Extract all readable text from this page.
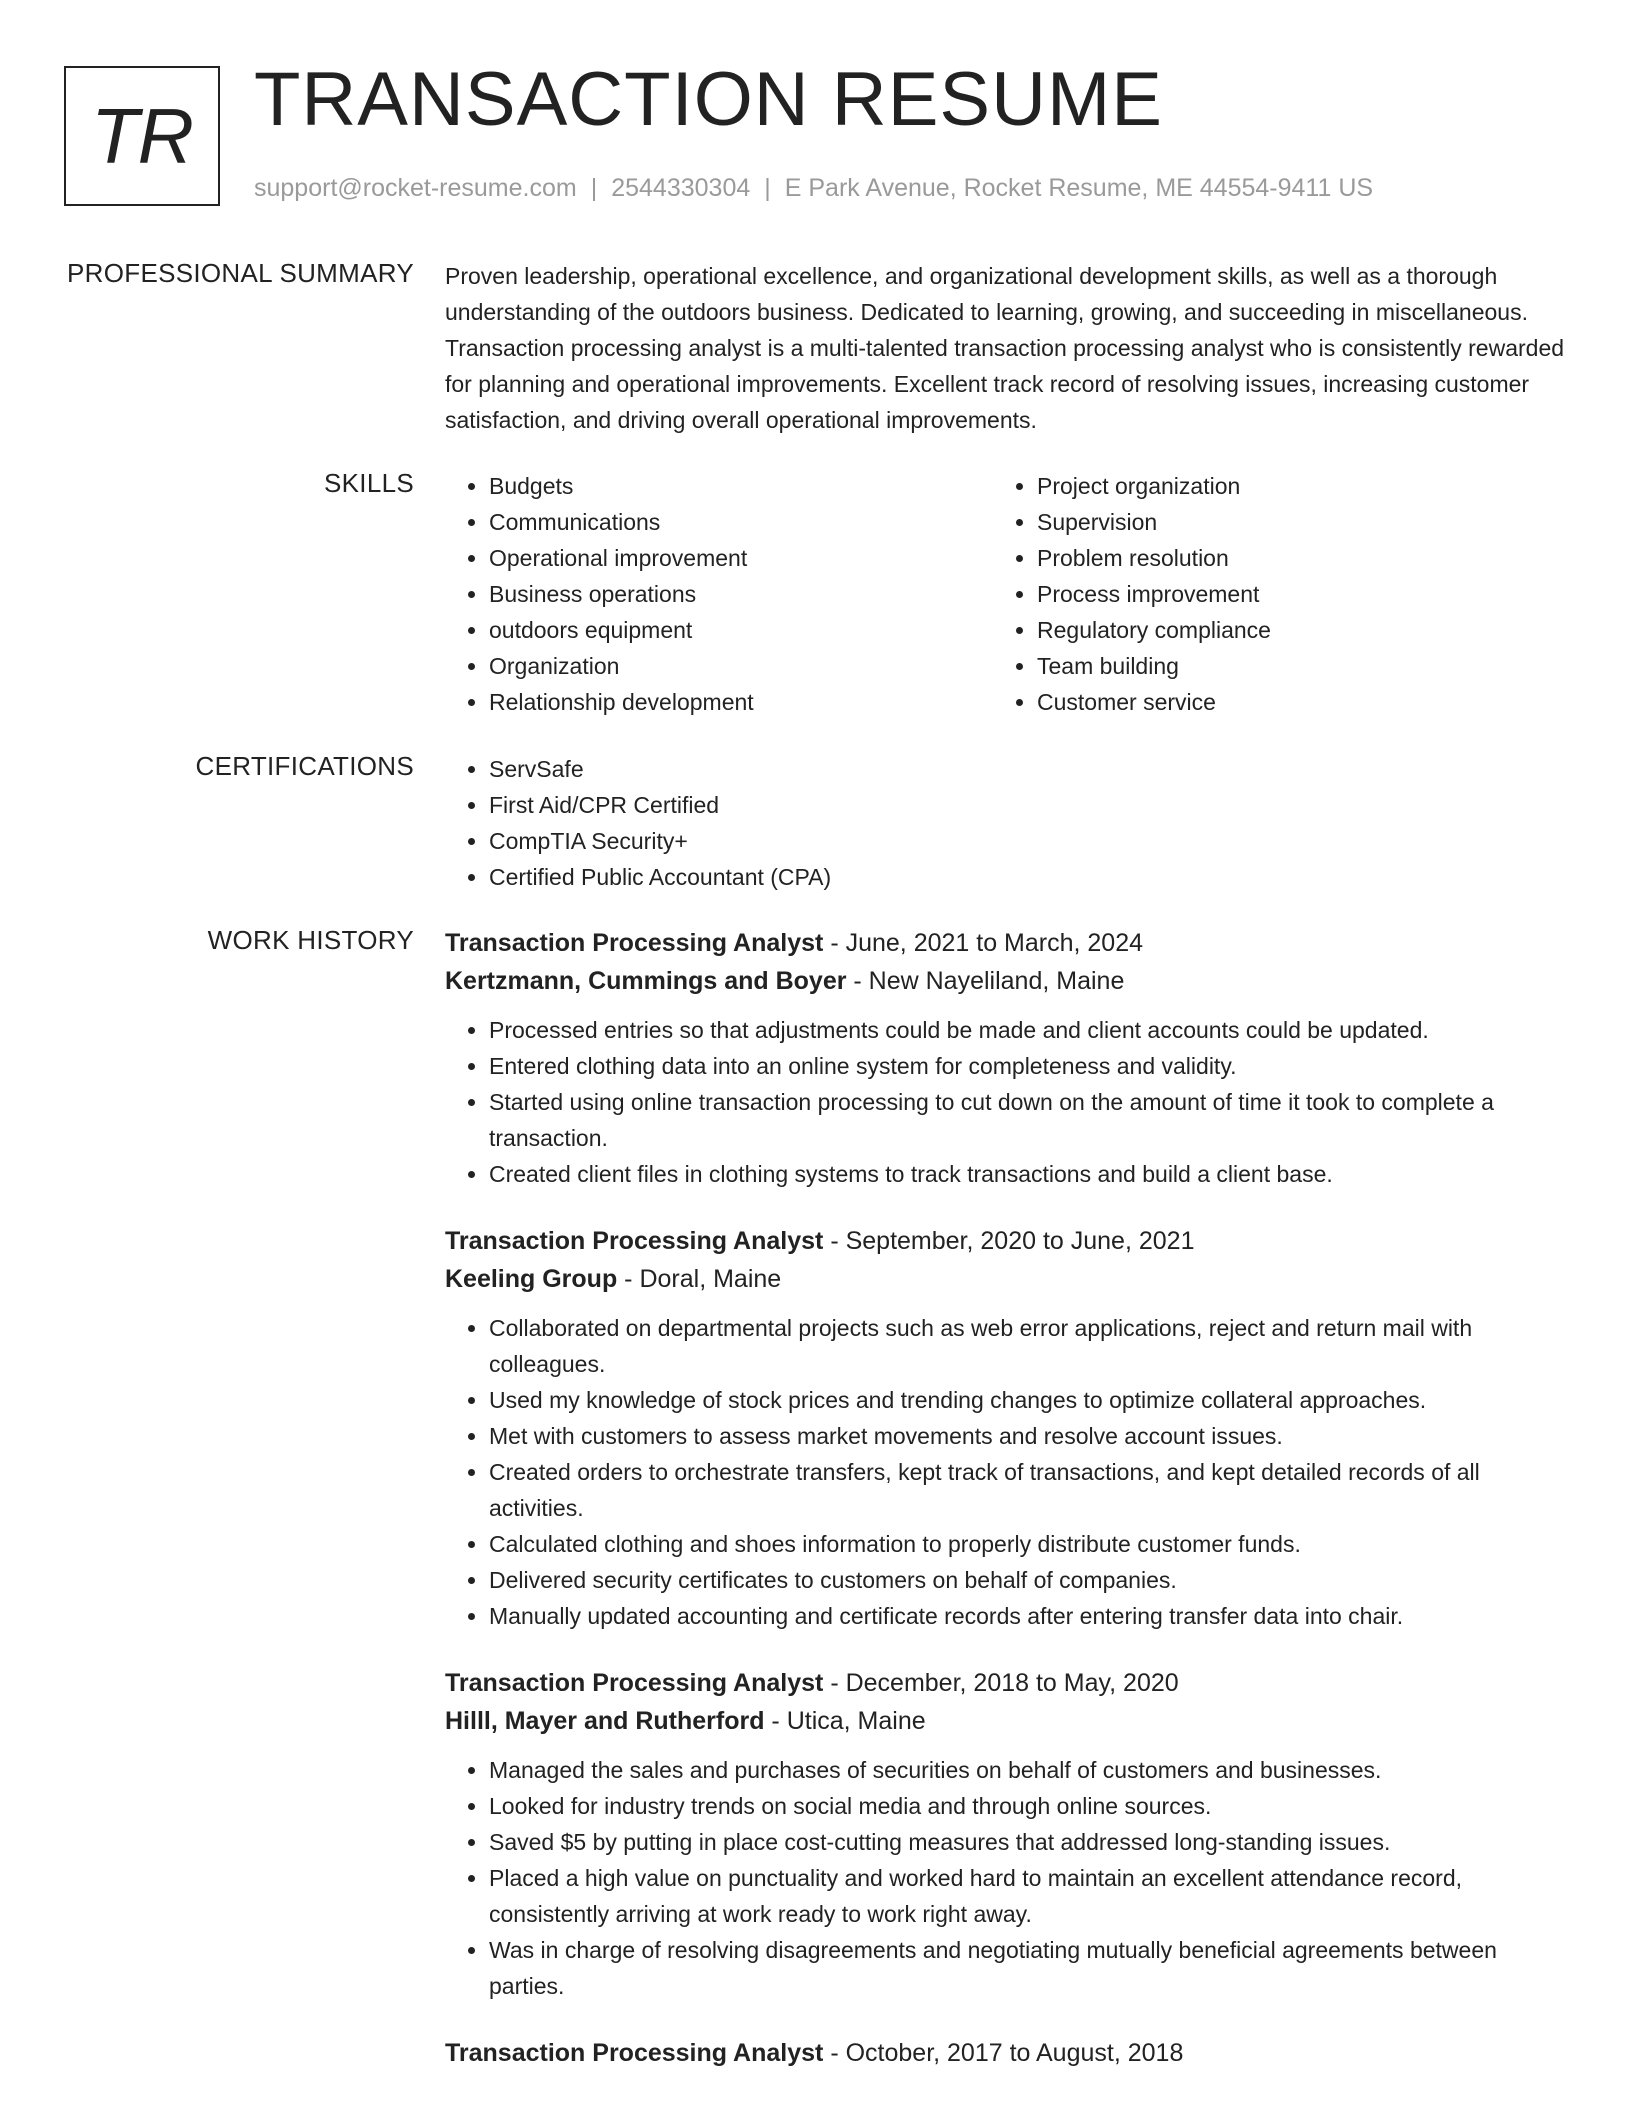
TR TRANSACTION RESUME
support@rocket-resume.com | 2544330304 | E Park Avenue, Rocket Resume, ME 44554-9411 US
PROFESSIONAL SUMMARY Proven leadership, operational excellence, and organizational development skills, as well as a thorough understanding of the outdoors business. Dedicated to learning, growing, and succeeding in miscellaneous. Transaction processing analyst is a multi-talented transaction processing analyst who is consistently rewarded for planning and operational improvements. Excellent track record of resolving issues, increasing customer satisfaction, and driving overall operational improvements.
SKILLS	• Budgets
• Communications
• Operational improvement
• Business operations
• outdoors equipment
• Organization
• Relationship development
• Project organization
• Supervision
• Problem resolution
• Process improvement
• Regulatory compliance
• Team building
• Customer service
CERTIFICATIONS	• ServSafe
• First Aid/CPR Certified
• CompTIA Security+
• Certified Public Accountant (CPA)
WORK HISTORY Transaction Processing Analyst - June, 2021 to March, 2024
Kertzmann, Cummings and Boyer - New Nayeliland, Maine
• Processed entries so that adjustments could be made and client accounts could be updated.
• Entered clothing data into an online system for completeness and validity.
• Started using online transaction processing to cut down on the amount of time it took to complete a transaction.
• Created client files in clothing systems to track transactions and build a client base.
Transaction Processing Analyst - September, 2020 to June, 2021
Keeling Group - Doral, Maine
• Collaborated on departmental projects such as web error applications, reject and return mail with colleagues.
• Used my knowledge of stock prices and trending changes to optimize collateral approaches.
• Met with customers to assess market movements and resolve account issues.
• Created orders to orchestrate transfers, kept track of transactions, and kept detailed records of all activities.
• Calculated clothing and shoes information to properly distribute customer funds.
• Delivered security certificates to customers on behalf of companies.
• Manually updated accounting and certificate records after entering transfer data into chair.
Transaction Processing Analyst - December, 2018 to May, 2020
Hilll, Mayer and Rutherford - Utica, Maine
• Managed the sales and purchases of securities on behalf of customers and businesses.
• Looked for industry trends on social media and through online sources.
• Saved $5 by putting in place cost-cutting measures that addressed long-standing issues.
• Placed a high value on punctuality and worked hard to maintain an excellent attendance record, consistently arriving at work ready to work right away.
• Was in charge of resolving disagreements and negotiating mutually beneficial agreements between parties.
Transaction Processing Analyst - October, 2017 to August, 2018
